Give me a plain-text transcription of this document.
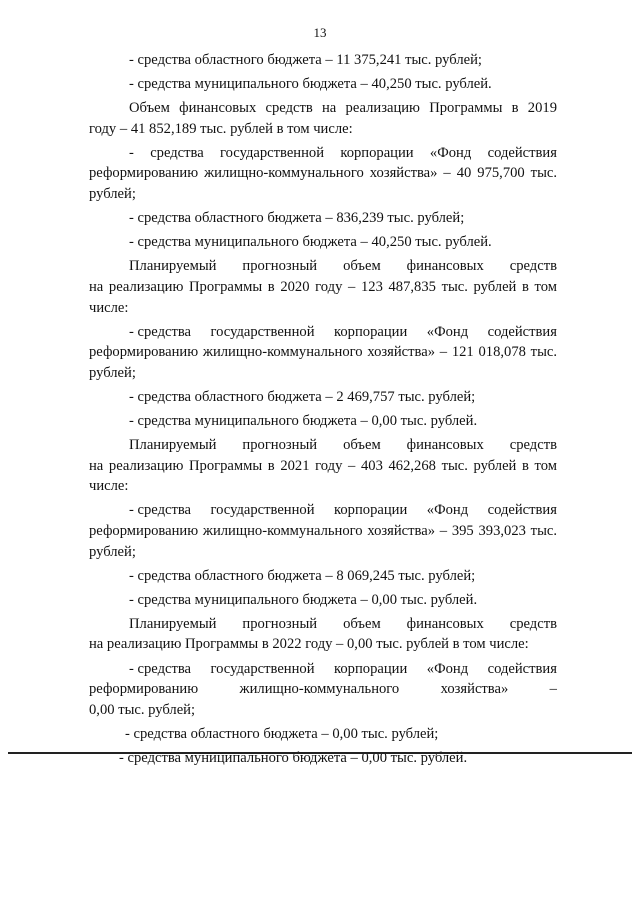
13

- средства областного бюджета – 11 375,241 тыс. рублей;

- средства муниципального бюджета – 40,250 тыс. рублей.

Объем финансовых средств на реализацию Программы в 2019

году – 41 852,189 тыс. рублей в том числе:

- средства государственной корпорации «Фонд содействия

реформированию жилищно-коммунального хозяйства» – 40 975,700 тыс. рублей;

- средства областного бюджета – 836,239 тыс. рублей;

- средства муниципального бюджета – 40,250 тыс. рублей.

Планируемый прогнозный объем финансовых средств

на реализацию Программы в 2020 году – 123 487,835 тыс. рублей в том числе:

- средства государственной корпорации «Фонд содействия

реформированию жилищно-коммунального хозяйства» – 121 018,078 тыс. рублей;

- средства областного бюджета – 2 469,757 тыс. рублей;

- средства муниципального бюджета – 0,00 тыс. рублей.

Планируемый прогнозный объем финансовых средств

на реализацию Программы в 2021 году – 403 462,268 тыс. рублей в том числе:

- средства государственной корпорации «Фонд содействия

реформированию жилищно-коммунального хозяйства» – 395 393,023 тыс. рублей;

- средства областного бюджета – 8 069,245 тыс. рублей;

- средства муниципального бюджета – 0,00 тыс. рублей.

Планируемый прогнозный объем финансовых средств

на реализацию Программы в 2022 году – 0,00 тыс. рублей в том числе:

- средства государственной корпорации «Фонд содействия
реформированию	жилищно-коммунального	хозяйства»	–

0,00 тыс. рублей;

- средства областного бюджета – 0,00 тыс. рублей;

- средства муниципального бюджета – 0,00 тыс. рублей.
